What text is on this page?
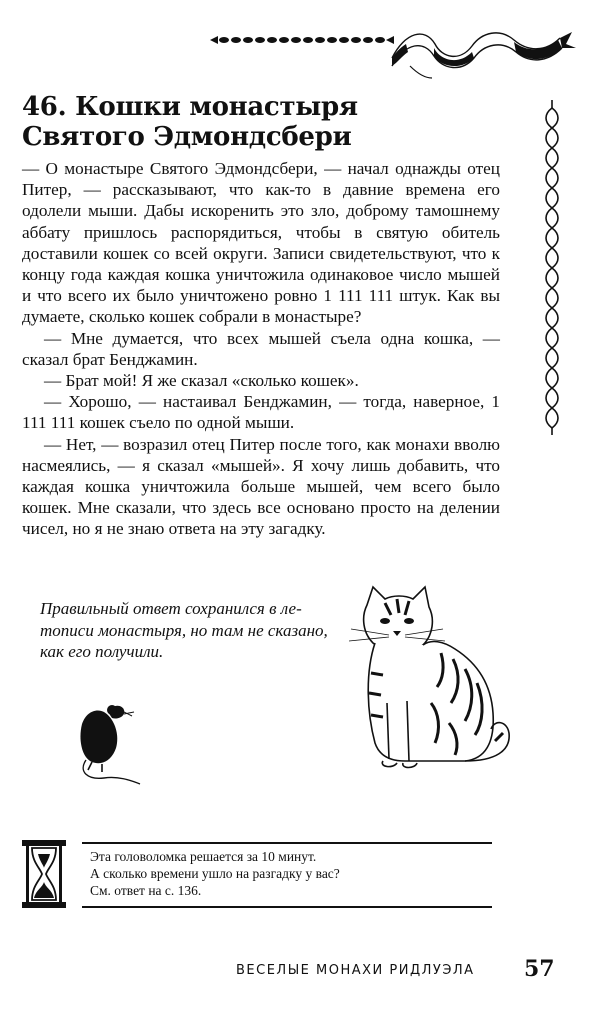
46. Кошки монастыря
Святого Эдмондсбери

— О монастыре Святого Эдмондсбери, — начал однажды отец Питер, — рассказывают, что как-то в давние времена его одолели мыши. Дабы искоренить это зло, доброму тамошнему аббату пришлось распорядиться, чтобы в святую обитель доставили кошек со всей округи. Записи свидетельствуют, что к концу года каждая кошка уничтожила одинаковое число мышей и что всего их было уничтожено ровно 1 111 111 штук. Как вы думаете, сколько кошек собрали в монастыре?

— Мне думается, что всех мышей съела одна кошка, — сказал брат Бенджамин.

— Брат мой! Я же сказал «сколько кошек».

— Хорошо, — настаивал Бенджамин, — тогда, наверное, 1 111 111 кошек съело по одной мыши.

— Нет, — возразил отец Питер после того, как монахи вволю насмеялись, — я сказал «мышей». Я хочу лишь добавить, что каждая кошка уничтожила больше мышей, чем всего было кошек. Мне сказали, что здесь все основано просто на делении чисел, но я не знаю ответа на эту загадку.

Правильный ответ сохранился в ле-
тописи монастыря, но там не сказано,
как его получили.
Эта головоломка решается за 10 минут.
А сколько времени ушло на разгадку у вас?
См. ответ на с. 136.
ВЕСЕЛЫЕ МОНАХИ РИДЛУЭЛА 57
